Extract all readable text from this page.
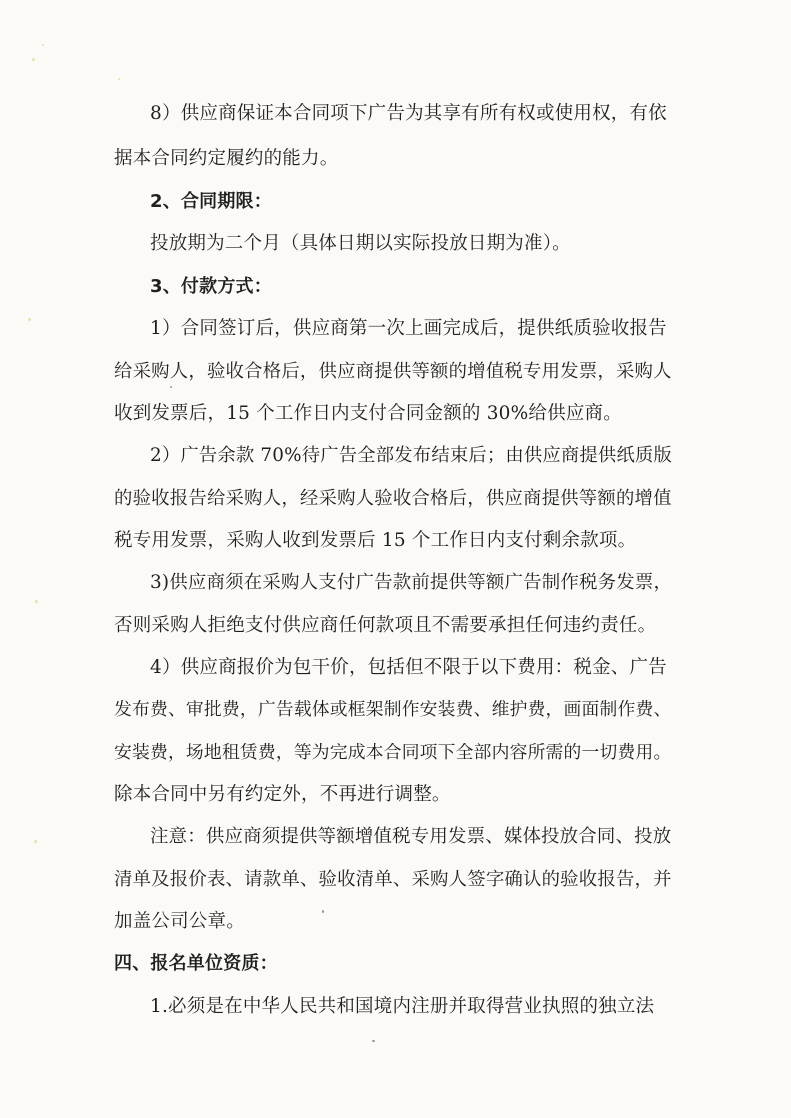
8）供应商保证本合同项下广告为其享有所有权或使用权，有依
据本合同约定履约的能力。
2、合同期限：
投放期为二个月（具体日期以实际投放日期为准）。
3、付款方式：
1）合同签订后，供应商第一次上画完成后，提供纸质验收报告
给采购人，验收合格后，供应商提供等额的增值税专用发票，采购人
收到发票后，15 个工作日内支付合同金额的 30%给供应商。
2）广告余款 70%待广告全部发布结束后；由供应商提供纸质版
的验收报告给采购人，经采购人验收合格后，供应商提供等额的增值
税专用发票，采购人收到发票后 15 个工作日内支付剩余款项。
3)供应商须在采购人支付广告款前提供等额广告制作税务发票，
否则采购人拒绝支付供应商任何款项且不需要承担任何违约责任。
4）供应商报价为包干价，包括但不限于以下费用：税金、广告
发布费、审批费，广告载体或框架制作安装费、维护费，画面制作费、
安装费，场地租赁费，等为完成本合同项下全部内容所需的一切费用。
除本合同中另有约定外，不再进行调整。
注意：供应商须提供等额增值税专用发票、媒体投放合同、投放
清单及报价表、请款单、验收清单、采购人签字确认的验收报告，并
加盖公司公章。
四、报名单位资质：
1.必须是在中华人民共和国境内注册并取得营业执照的独立法
